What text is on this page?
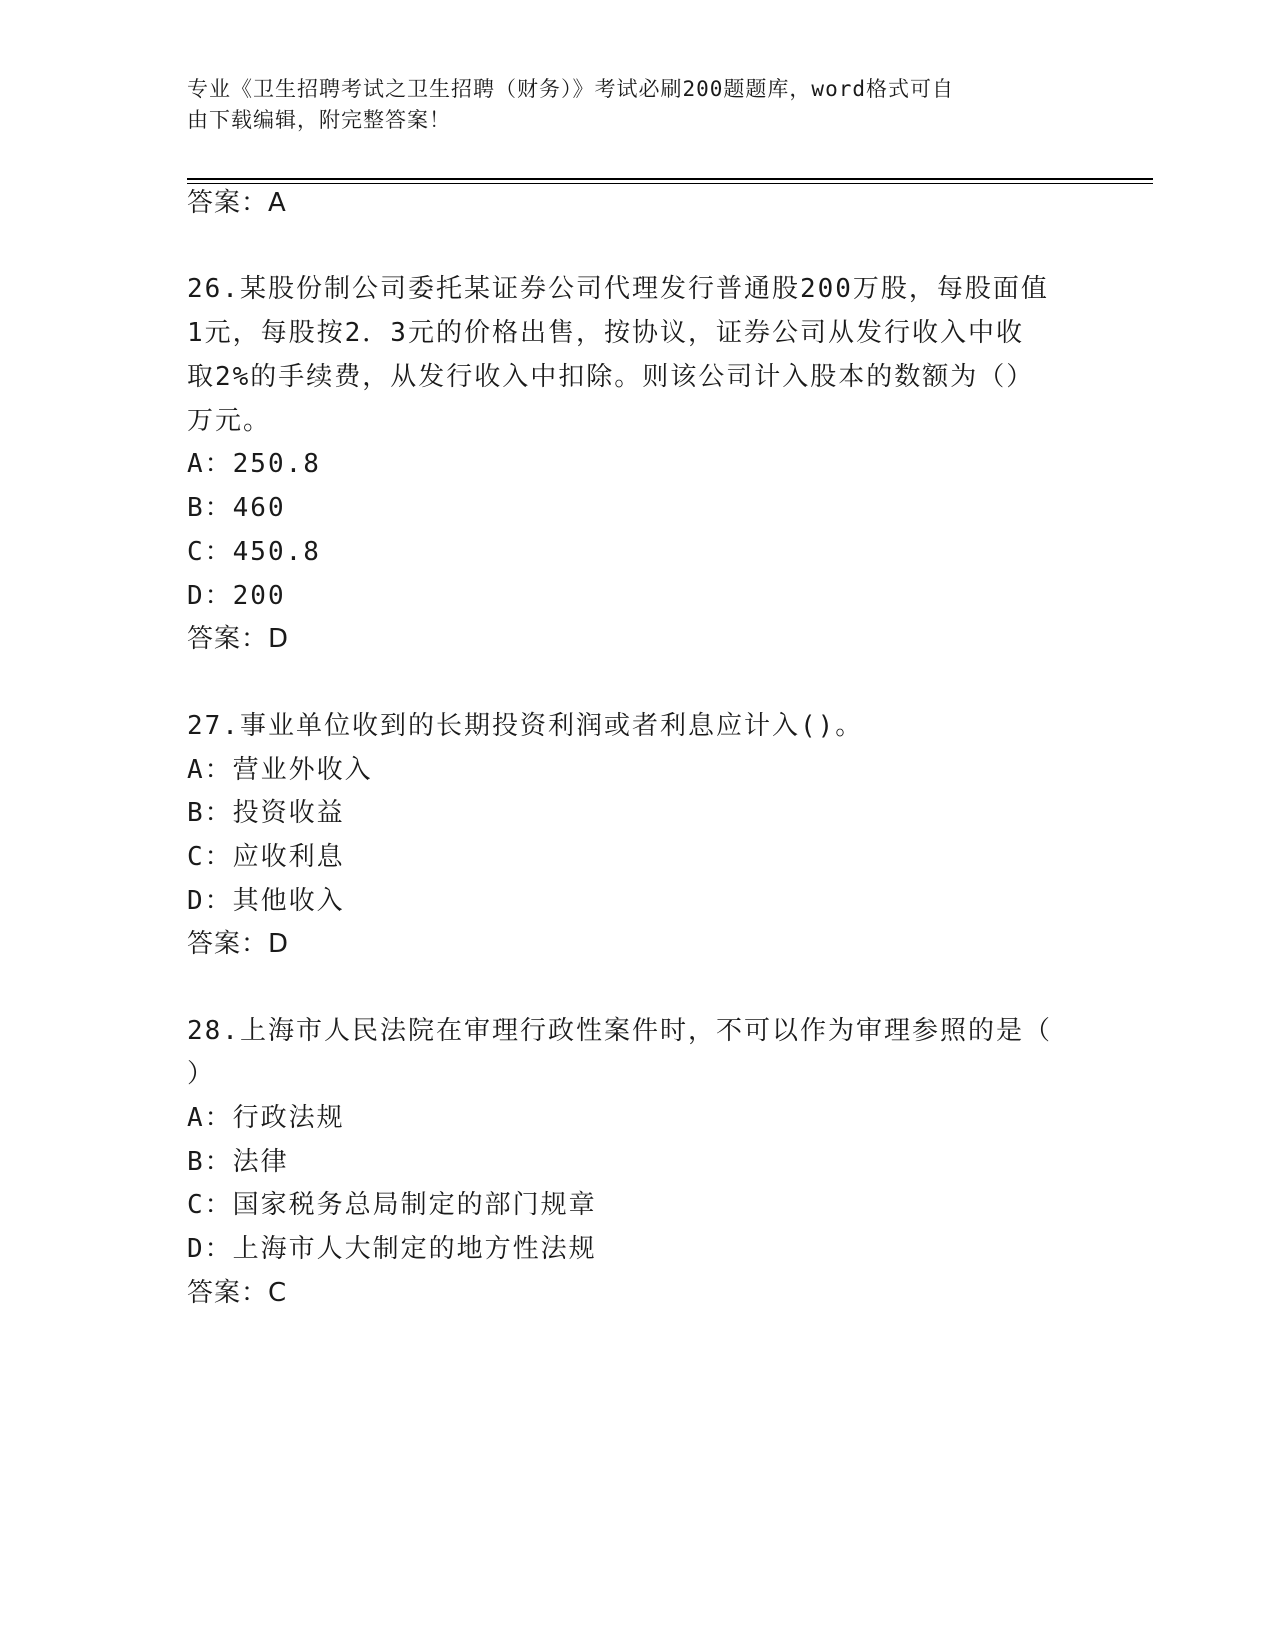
专业《卫生招聘考试之卫生招聘（财务）》考试必刷200题题库，word格式可自
由下载编辑，附完整答案！
答案：A
26.某股份制公司委托某证券公司代理发行普通股200万股，每股面值
1元，每股按2．3元的价格出售，按协议，证券公司从发行收入中收
取2%的手续费，从发行收入中扣除。则该公司计入股本的数额为（）
万元。
A：250.8
B：460
C：450.8
D：200
答案：D
27.事业单位收到的长期投资利润或者利息应计入()。
A：营业外收入
B：投资收益
C：应收利息
D：其他收入
答案：D
28.上海市人民法院在审理行政性案件时，不可以作为审理参照的是（
）
A：行政法规
B：法律
C：国家税务总局制定的部门规章
D：上海市人大制定的地方性法规
答案：C
